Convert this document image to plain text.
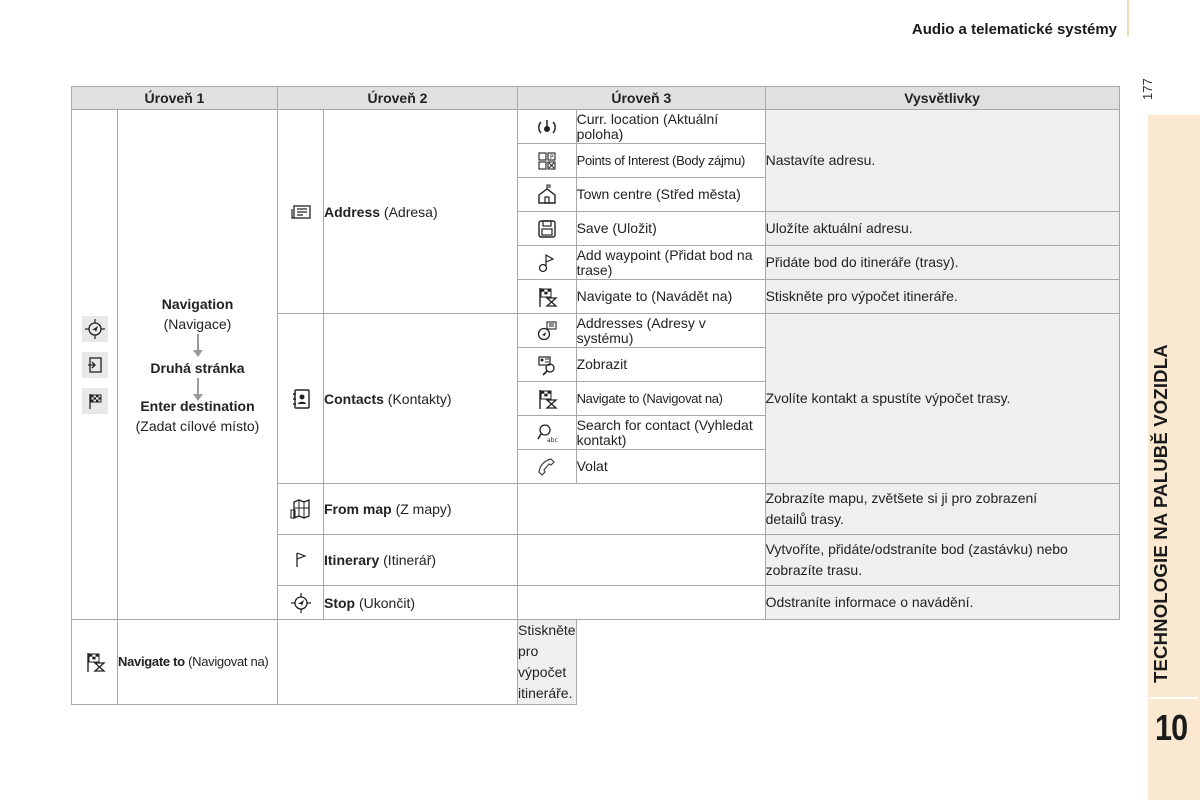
Audio a telematické systémy
177
TECHNOLOGIE NA PALUBĚ VOZIDLA
10
Úroveň 1		Úroveň 2		Úroveň 3		Vysvětlivky

Navigation
(Navigace)
Druhá stránka
Enter destination
(Zadat cílové místo)		Address (Adresa)		Curr. location (Aktuální poloha)	Nastavíte adresu.

P	Points of Interest (Body zájmu)	
	Town centre (Střed města)	
	Save (Uložit)	Uložíte aktuální adresu.
	Add waypoint (Přidat bod na trase)	Přidáte bod do itineráře (trasy).
	Navigate to (Navádět na)	Stiskněte pro výpočet itineráře.
	Contacts (Kontakty)		Addresses (Adresy v systému)	Zvolíte kontakt a spustíte výpočet trasy.
	Zobrazit	
	Navigate to (Navigovat na)	

abc	Search for contact (Vyhledat kontakt)	
	Volat	
	From map (Z mapy)			Zobrazíte mapu, zvětšete si ji pro zobrazení
detailů trasy.

	Itinerary (Itinerář)			Vytvoříte, přidáte/odstraníte bod (zastávku) nebo
zobrazíte trasu.

	Stop (Ukončit)			Odstraníte informace o navádění.
	Navigate to (Navigovat na)			Stiskněte pro výpočet itineráře.		
